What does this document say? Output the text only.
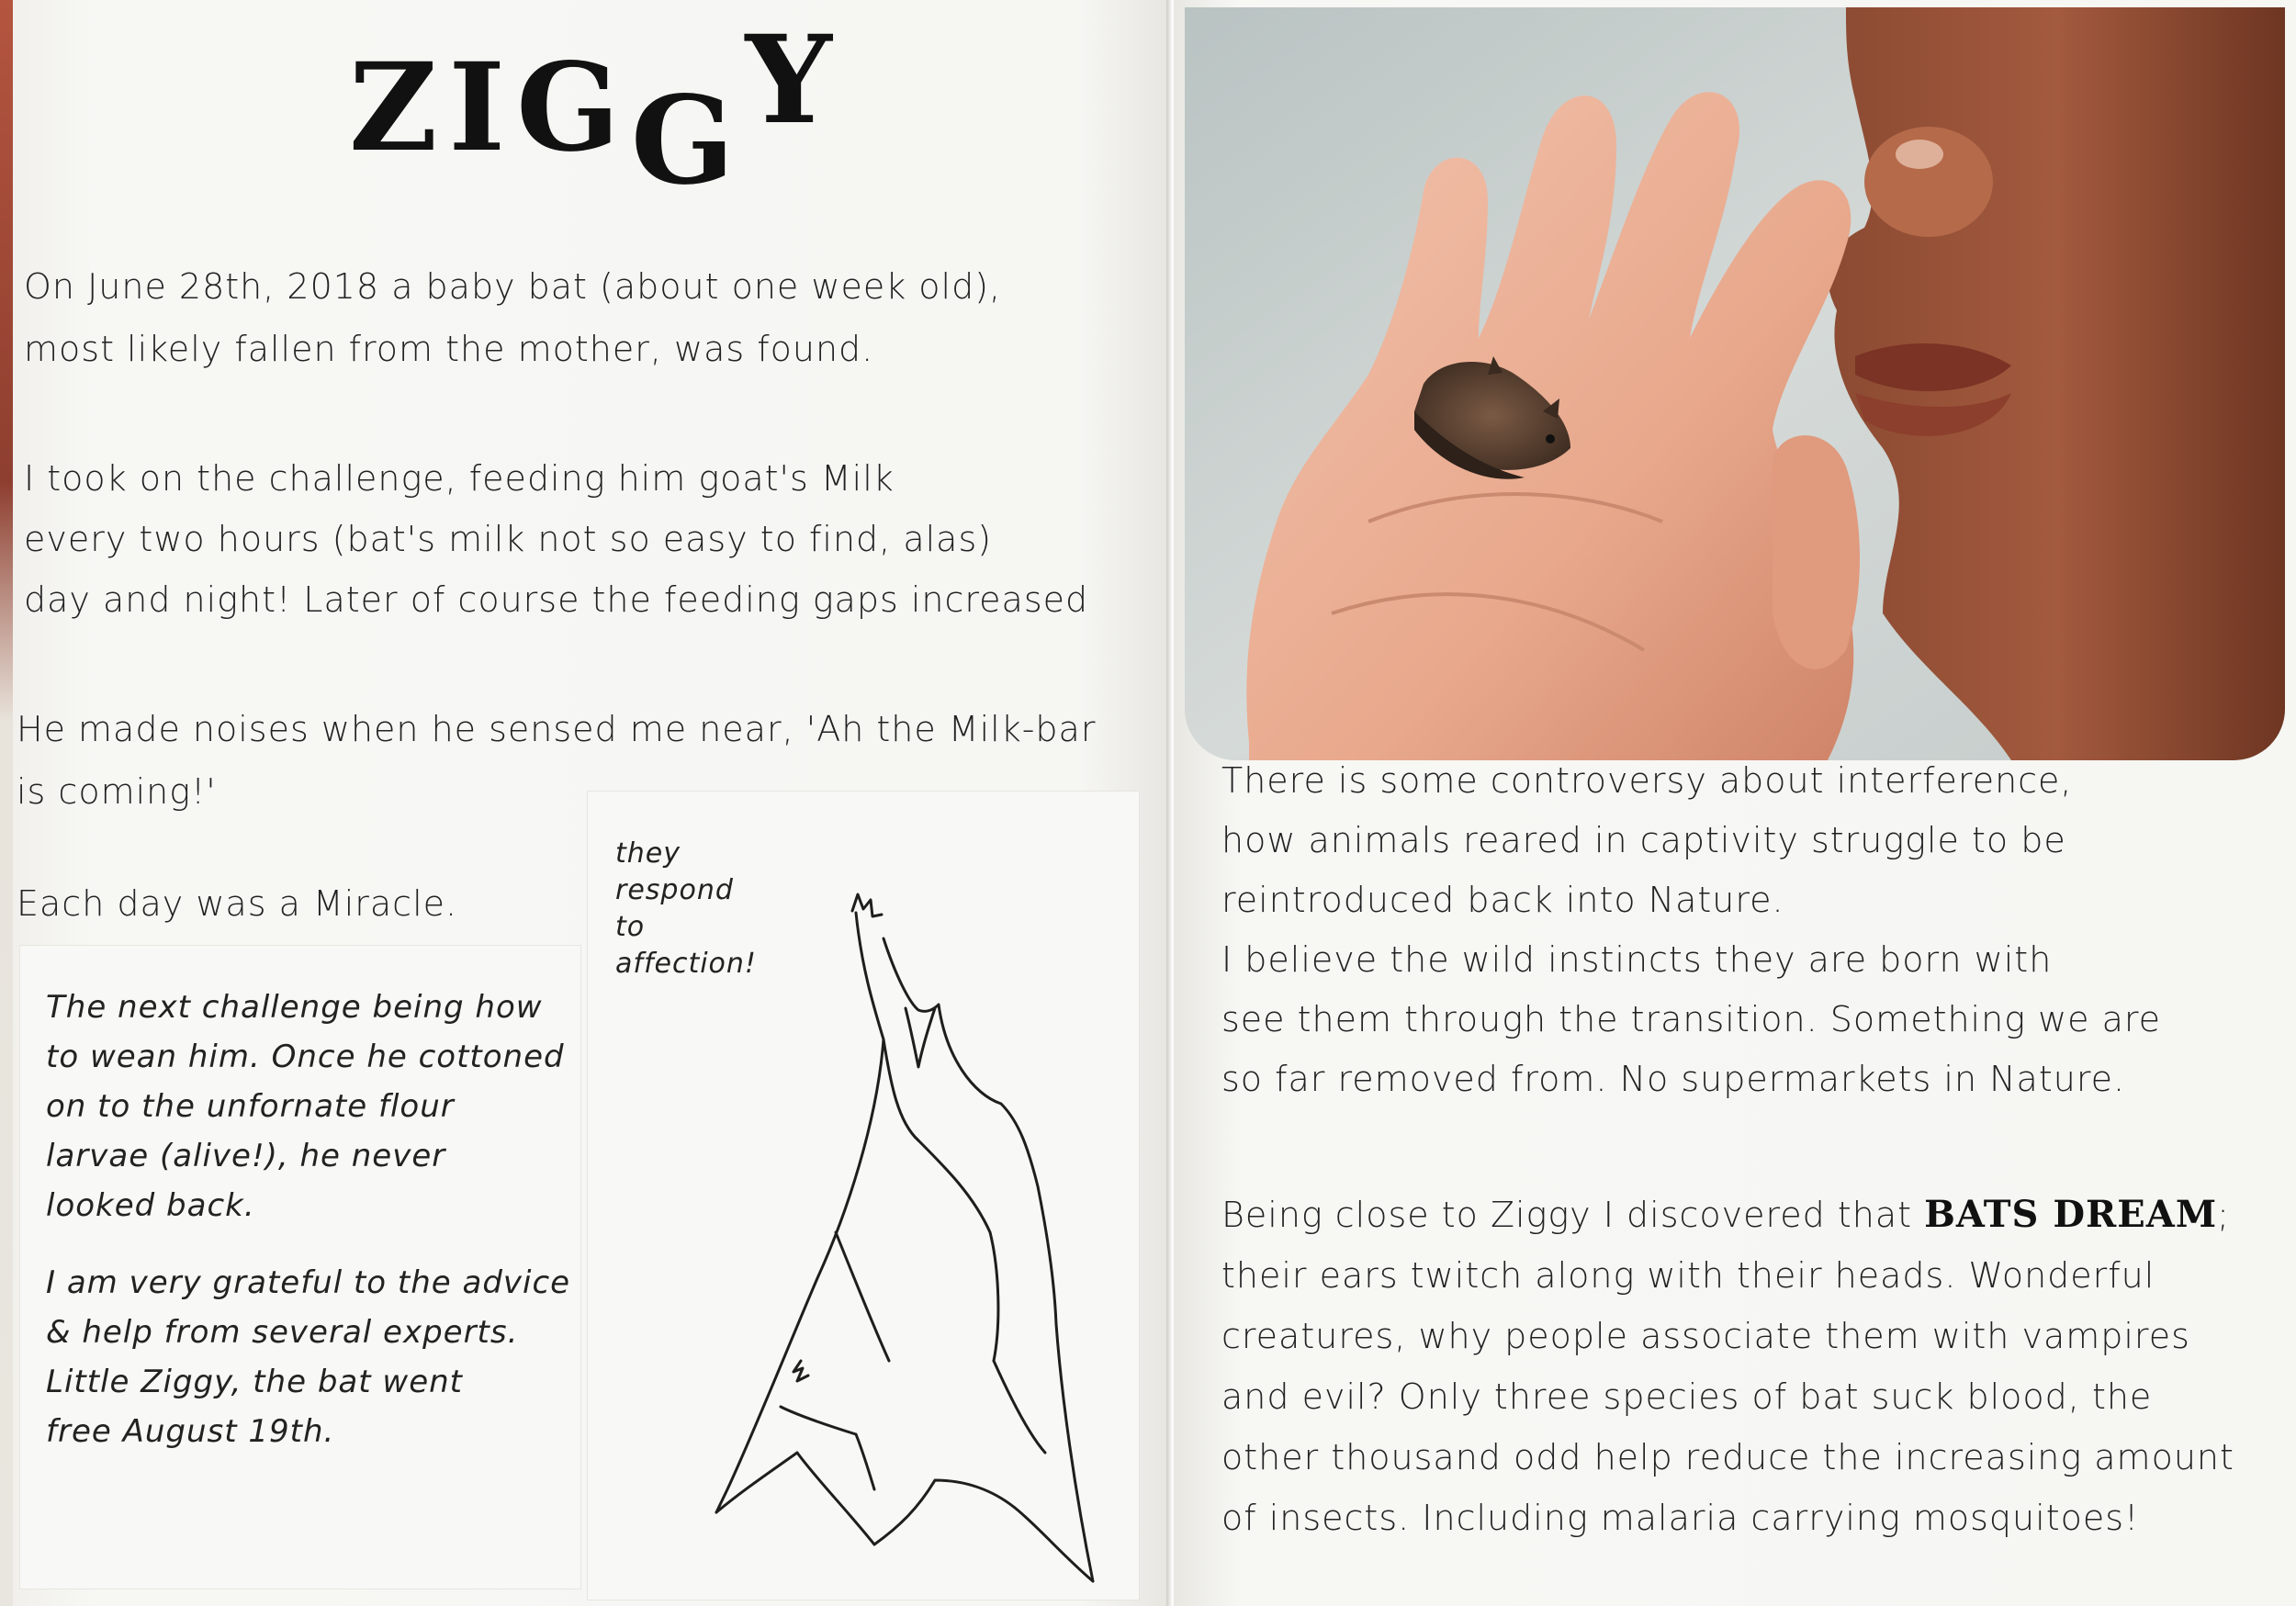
ZIGGY
On June 28th, 2018 a baby bat (about one week old),
most likely fallen from the mother, was found.
I took on the challenge, feeding him goat's Milk
every two hours (bat's milk not so easy to find, alas)
day and night! Later of course the feeding gaps increased
He made noises when he sensed me near, 'Ah the Milk-bar
is coming!'
Each day was a Miracle.
The next challenge being how
to wean him. Once he cottoned
on to the unfornate flour
larvae (alive!), he never
looked back.
I am very grateful to the advice
& help from several experts.
Little Ziggy, the bat went
free August 19th.
they
respond
to
affection!
There is some controversy about interference,
how animals reared in captivity struggle to be
reintroduced back into Nature.
I believe the wild instincts they are born with
see them through the transition. Something we are
so far removed from. No supermarkets in Nature.
Being close to Ziggy I discovered that BATS DREAM;
their ears twitch along with their heads. Wonderful
creatures, why people associate them with vampires
and evil? Only three species of bat suck blood, the
other thousand odd help reduce the increasing amount
of insects. Including malaria carrying mosquitoes!
